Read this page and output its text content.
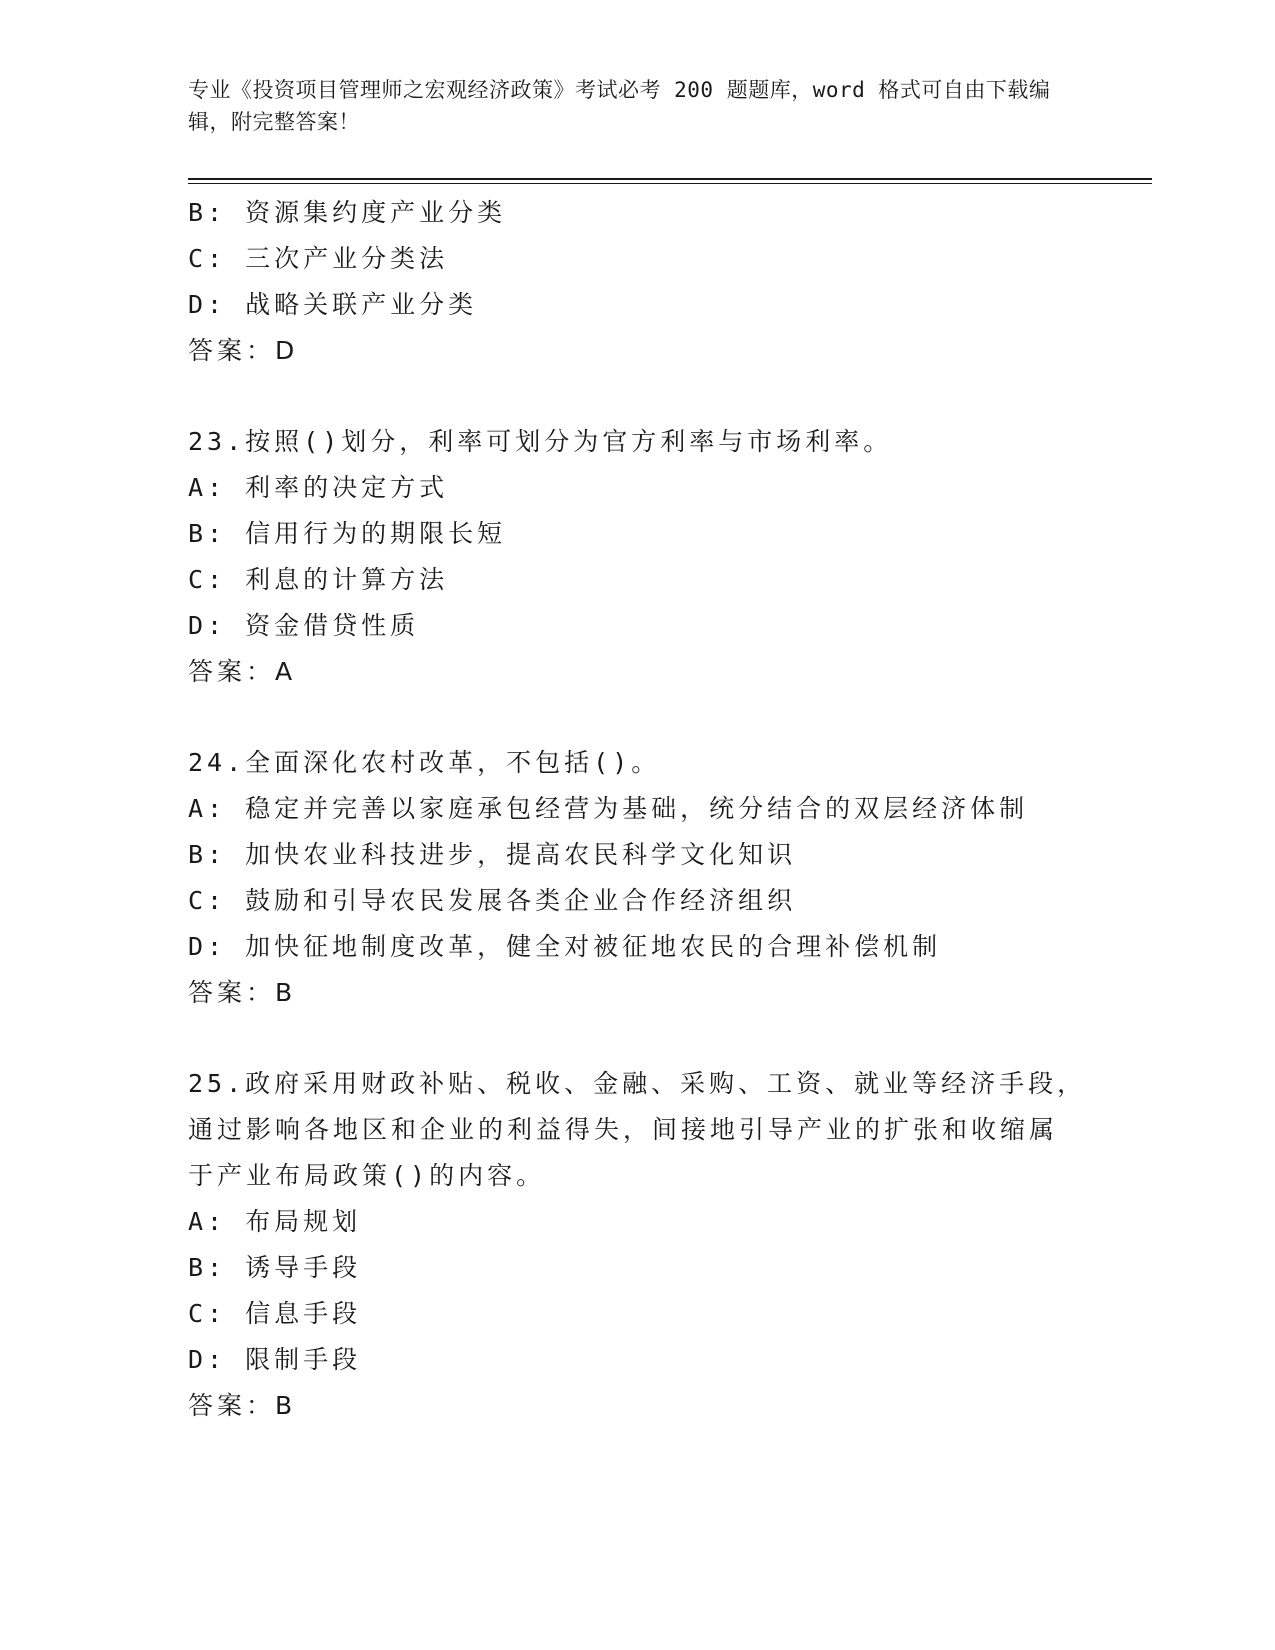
专业《投资项目管理师之宏观经济政策》考试必考 200 题题库，word 格式可自由下载编辑，附完整答案！
B: 资源集约度产业分类
C: 三次产业分类法
D: 战略关联产业分类
答案：D
23.按照()划分，利率可划分为官方利率与市场利率。
A: 利率的决定方式
B: 信用行为的期限长短
C: 利息的计算方法
D: 资金借贷性质
答案：A
24.全面深化农村改革，不包括()。
A: 稳定并完善以家庭承包经营为基础，统分结合的双层经济体制
B: 加快农业科技进步，提高农民科学文化知识
C: 鼓励和引导农民发展各类企业合作经济组织
D: 加快征地制度改革，健全对被征地农民的合理补偿机制
答案：B
25.政府采用财政补贴、税收、金融、采购、工资、就业等经济手段，
通过影响各地区和企业的利益得失，间接地引导产业的扩张和收缩属
于产业布局政策()的内容。
A: 布局规划
B: 诱导手段
C: 信息手段
D: 限制手段
答案：B
